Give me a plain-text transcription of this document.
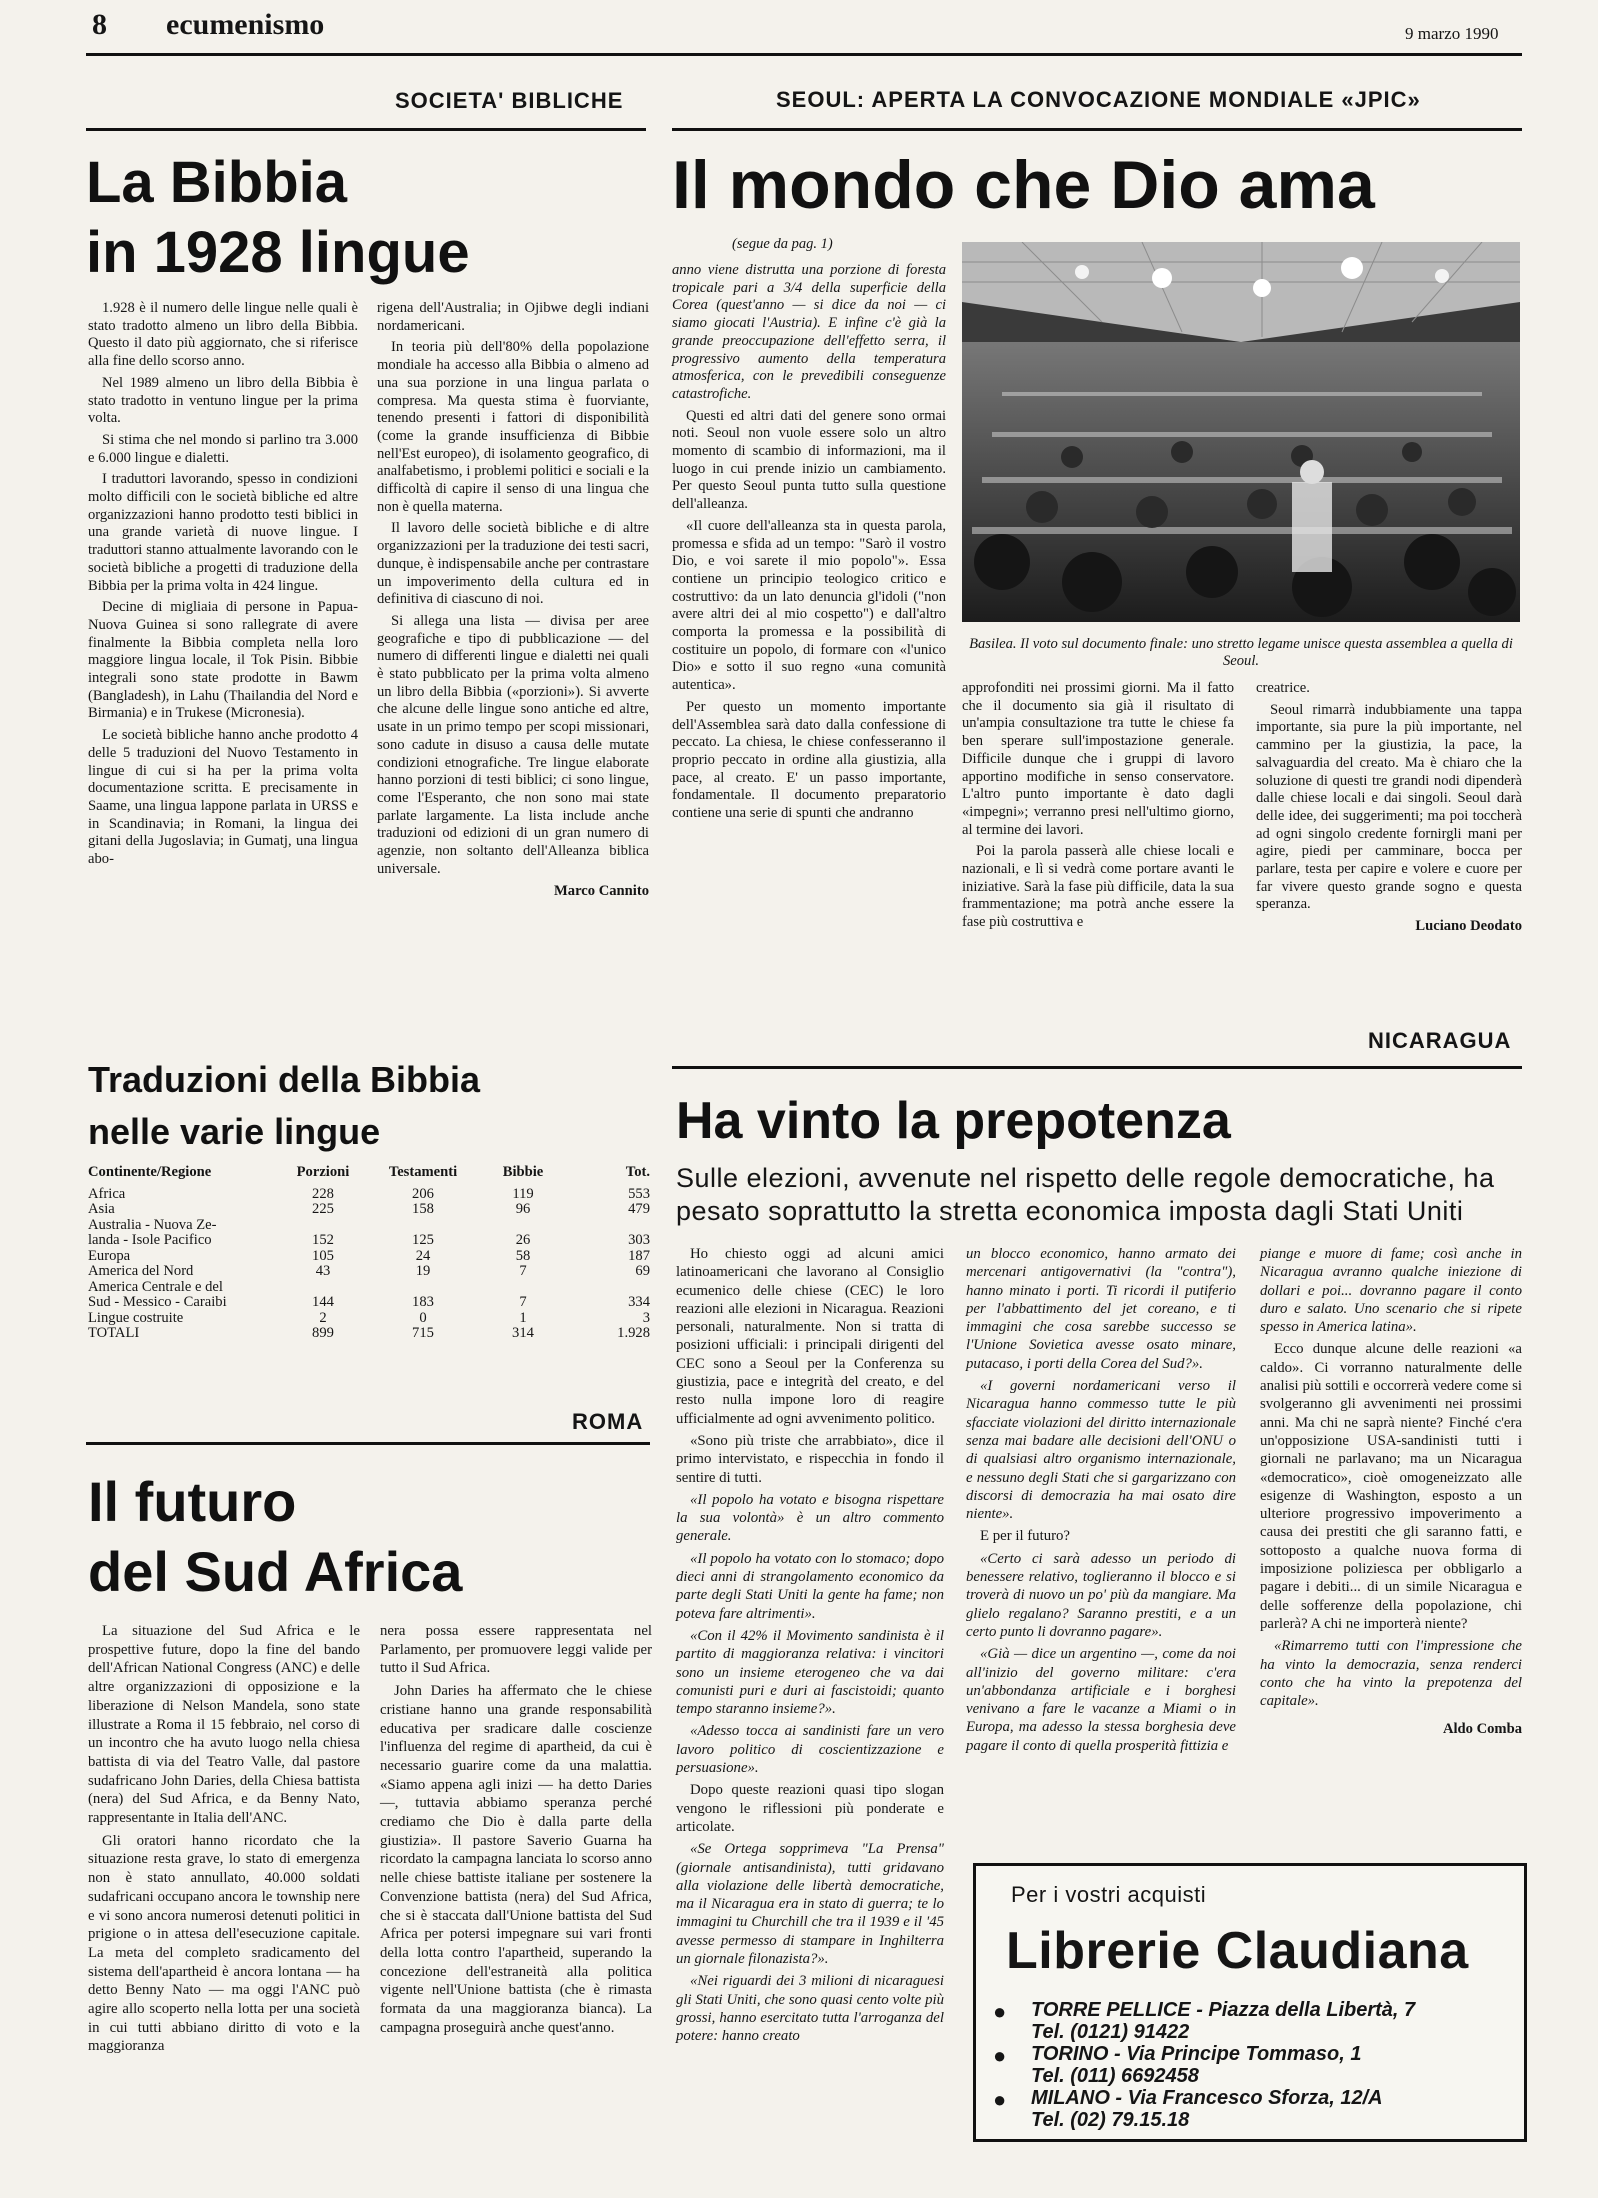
8 ecumenismo	9 marzo 1990
SOCIETA' BIBLICHE
La Bibbia
in 1928 lingue

1.928 è il numero delle lingue nelle quali è stato tradotto almeno un libro della Bibbia. Questo il dato più aggiornato, che si riferisce alla fine dello scorso anno.

Nel 1989 almeno un libro della Bibbia è stato tradotto in ventuno lingue per la prima volta.

Si stima che nel mondo si parlino tra 3.000 e 6.000 lingue e dialetti.

I traduttori lavorando, spesso in condizioni molto difficili con le società bibliche ed altre organizzazioni hanno prodotto testi biblici in una grande varietà di nuove lingue. I traduttori stanno attualmente lavorando con le società bibliche a progetti di traduzione della Bibbia per la prima volta in 424 lingue.

Decine di migliaia di persone in Papua-Nuova Guinea si sono rallegrate di avere finalmente la Bibbia completa nella loro maggiore lingua locale, il Tok Pisin. Bibbie integrali sono state prodotte in Bawm (Bangladesh), in Lahu (Thailandia del Nord e Birmania) e in Trukese (Micronesia).

Le società bibliche hanno anche prodotto 4 delle 5 traduzioni del Nuovo Testamento in lingue di cui si ha per la prima volta documentazione scritta. E precisamente in Saame, una lingua lappone parlata in URSS e in Scandinavia; in Romani, la lingua dei gitani della Jugoslavia; in Gumatj, una lingua abo-

rigena dell'Australia; in Ojibwe degli indiani nordamericani.

In teoria più dell'80% della popolazione mondiale ha accesso alla Bibbia o almeno ad una sua porzione in una lingua parlata o compresa. Ma questa stima è fuorviante, tenendo presenti i fattori di disponibilità (come la grande insufficienza di Bibbie nell'Est europeo), di isolamento geografico, di analfabetismo, i problemi politici e sociali e la difficoltà di capire il senso di una lingua che non è quella materna.

Il lavoro delle società bibliche e di altre organizzazioni per la traduzione dei testi sacri, dunque, è indispensabile anche per contrastare un impoverimento della cultura ed in definitiva di ciascuno di noi.

Si allega una lista — divisa per aree geografiche e tipo di pubblicazione — del numero di differenti lingue e dialetti nei quali è stato pubblicato per la prima volta almeno un libro della Bibbia («porzioni»). Si avverte che alcune delle lingue sono antiche ed altre, usate in un primo tempo per scopi missionari, sono cadute in disuso a causa delle mutate condizioni etnografiche. Tre lingue elaborate hanno porzioni di testi biblici; ci sono lingue, come l'Esperanto, che non sono mai state parlate largamente. La lista include anche traduzioni od edizioni di un gran numero di agenzie, non soltanto dell'Alleanza biblica universale.

Marco Cannito

Traduzioni della Bibbia
nelle varie lingue
Continente/Regione	Porzioni	Testamenti	Bibbie	Tot.
Africa	228	206	119	553
Asia	225	158	96	479
Australia - Nuova Ze-				
landa - Isole Pacifico	152	125	26	303
Europa	105	24	58	187
America del Nord	43	19	7	69
America Centrale e del				
Sud - Messico - Caraibi	144	183	7	334
Lingue costruite	2	0	1	3
TOTALI	899	715	314	1.928
ROMA
Il futuro
del Sud Africa

La situazione del Sud Africa e le prospettive future, dopo la fine del bando dell'African National Congress (ANC) e delle altre organizzazioni di opposizione e la liberazione di Nelson Mandela, sono state illustrate a Roma il 15 febbraio, nel corso di un incontro che ha avuto luogo nella chiesa battista di via del Teatro Valle, dal pastore sudafricano John Daries, della Chiesa battista (nera) del Sud Africa, e da Benny Nato, rappresentante in Italia dell'ANC.

Gli oratori hanno ricordato che la situazione resta grave, lo stato di emergenza non è stato annullato, 40.000 soldati sudafricani occupano ancora le township nere e vi sono ancora numerosi detenuti politici in prigione o in attesa dell'esecuzione capitale. La meta del completo sradicamento del sistema dell'apartheid è ancora lontana — ha detto Benny Nato — ma oggi l'ANC può agire allo scoperto nella lotta per una società in cui tutti abbiano diritto di voto e la maggioranza

nera possa essere rappresentata nel Parlamento, per promuovere leggi valide per tutto il Sud Africa.

John Daries ha affermato che le chiese cristiane hanno una grande responsabilità educativa per sradicare dalle coscienze l'influenza del regime di apartheid, da cui è necessario guarire come da una malattia. «Siamo appena agli inizi — ha detto Daries —, tuttavia abbiamo speranza perché crediamo che Dio è dalla parte della giustizia». Il pastore Saverio Guarna ha ricordato la campagna lanciata lo scorso anno nelle chiese battiste italiane per sostenere la Convenzione battista (nera) del Sud Africa, che si è staccata dall'Unione battista del Sud Africa per potersi impegnare sui vari fronti della lotta contro l'apartheid, superando la concezione dell'estraneità alla politica vigente nell'Unione battista (che è rimasta formata da una maggioranza bianca). La campagna proseguirà anche quest'anno.

SEOUL: APERTA LA CONVOCAZIONE MONDIALE «JPIC»
Il mondo che Dio ama
(segue da pag. 1)

anno viene distrutta una porzione di foresta tropicale pari a 3/4 della superficie della Corea (quest'anno — si dice da noi — ci siamo giocati l'Austria). E infine c'è già la grande preoccupazione dell'effetto serra, il progressivo aumento della temperatura atmosferica, con le prevedibili conseguenze catastrofiche.

Questi ed altri dati del genere sono ormai noti. Seoul non vuole essere solo un altro momento di scambio di informazioni, ma il luogo in cui prende inizio un cambiamento. Per questo Seoul punta tutto sulla questione dell'alleanza.

«Il cuore dell'alleanza sta in questa parola, promessa e sfida ad un tempo: "Sarò il vostro Dio, e voi sarete il mio popolo"». Essa contiene un principio teologico critico e costruttivo: da un lato denuncia gl'idoli ("non avere altri dei al mio cospetto") e dall'altro comporta la promessa e la possibilità di costituire un popolo, di formare con «l'unico Dio» e sotto il suo regno «una comunità autentica».

Per questo un momento importante dell'Assemblea sarà dato dalla confessione di peccato. La chiesa, le chiese confesseranno il proprio peccato in ordine alla giustizia, alla pace, al creato. E' un passo importante, fondamentale. Il documento preparatorio contiene una serie di spunti che andranno

Basilea. Il voto sul documento finale: uno stretto legame unisce questa assemblea a quella di Seoul.

approfonditi nei prossimi giorni. Ma il fatto che il documento sia già il risultato di un'ampia consultazione tra tutte le chiese fa ben sperare sull'impostazione generale. Difficile dunque che i gruppi di lavoro apportino modifiche in senso conservatore. L'altro punto importante è dato dagli «impegni»; verranno presi nell'ultimo giorno, al termine dei lavori.

Poi la parola passerà alle chiese locali e nazionali, e lì si vedrà come portare avanti le iniziative. Sarà la fase più difficile, data la sua frammentazione; ma potrà anche essere la fase più costruttiva e

creatrice.

Seoul rimarrà indubbiamente una tappa importante, sia pure la più importante, nel cammino per la giustizia, la pace, la salvaguardia del creato. Ma è chiaro che la soluzione di questi tre grandi nodi dipenderà dalle chiese locali e dai singoli. Seoul darà delle idee, dei suggerimenti; ma poi toccherà ad ogni singolo credente fornirgli mani per agire, piedi per camminare, bocca per parlare, testa per capire e volere e cuore per far vivere questo grande sogno e questa speranza.

Luciano Deodato

NICARAGUA
Ha vinto la prepotenza
Sulle elezioni, avvenute nel rispetto delle regole democratiche, ha pesato soprattutto la stretta economica imposta dagli Stati Uniti

Ho chiesto oggi ad alcuni amici latinoamericani che lavorano al Consiglio ecumenico delle chiese (CEC) le loro reazioni alle elezioni in Nicaragua. Reazioni personali, naturalmente. Non si tratta di posizioni ufficiali: i principali dirigenti del CEC sono a Seoul per la Conferenza su giustizia, pace e integrità del creato, e del resto nulla impone loro di reagire ufficialmente ad ogni avvenimento politico.

«Sono più triste che arrabbiato», dice il primo intervistato, e rispecchia in fondo il sentire di tutti.

«Il popolo ha votato e bisogna rispettare la sua volontà» è un altro commento generale.

«Il popolo ha votato con lo stomaco; dopo dieci anni di strangolamento economico da parte degli Stati Uniti la gente ha fame; non poteva fare altrimenti».

«Con il 42% il Movimento sandinista è il partito di maggioranza relativa: i vincitori sono un insieme eterogeneo che va dai comunisti puri e duri ai fascistoidi; quanto tempo staranno insieme?».

«Adesso tocca ai sandinisti fare un vero lavoro politico di coscientizzazione e persuasione».

Dopo queste reazioni quasi tipo slogan vengono le riflessioni più ponderate e articolate.

«Se Ortega sopprimeva "La Prensa" (giornale antisandinista), tutti gridavano alla violazione delle libertà democratiche, ma il Nicaragua era in stato di guerra; te lo immagini tu Churchill che tra il 1939 e il '45 avesse permesso di stampare in Inghilterra un giornale filonazista?».

«Nei riguardi dei 3 milioni di nicaraguesi gli Stati Uniti, che sono quasi cento volte più grossi, hanno esercitato tutta l'arroganza del potere: hanno creato

un blocco economico, hanno armato dei mercenari antigovernativi (la "contra"), hanno minato i porti. Ti ricordi il putiferio per l'abbattimento del jet coreano, e ti immagini che cosa sarebbe successo se l'Unione Sovietica avesse osato minare, putacaso, i porti della Corea del Sud?».

«I governi nordamericani verso il Nicaragua hanno commesso tutte le più sfacciate violazioni del diritto internazionale senza mai badare alle decisioni dell'ONU o di qualsiasi altro organismo internazionale, e nessuno degli Stati che si gargarizzano con discorsi di democrazia ha mai osato dire niente».

E per il futuro?

«Certo ci sarà adesso un periodo di benessere relativo, toglieranno il blocco e si troverà di nuovo un po' più da mangiare. Ma glielo regalano? Saranno prestiti, e a un certo punto li dovranno pagare».

«Già — dice un argentino —, come da noi all'inizio del governo militare: c'era un'abbondanza artificiale e i borghesi venivano a fare le vacanze a Miami o in Europa, ma adesso la stessa borghesia deve pagare il conto di quella prosperità fittizia e

piange e muore di fame; così anche in Nicaragua avranno qualche iniezione di dollari e poi... dovranno pagare il conto duro e salato. Uno scenario che si ripete spesso in America latina».

Ecco dunque alcune delle reazioni «a caldo». Ci vorranno naturalmente delle analisi più sottili e occorrerà vedere come si svolgeranno gli avvenimenti nei prossimi anni. Ma chi ne saprà niente? Finché c'era un'opposizione USA-sandinisti tutti i giornali ne parlavano; ma un Nicaragua «democratico», cioè omogeneizzato alle esigenze di Washington, esposto a un ulteriore progressivo impoverimento a causa dei prestiti che gli saranno fatti, e sottoposto a qualche nuova forma di imposizione poliziesca per obbligarlo a pagare i debiti... di un simile Nicaragua e delle sofferenze della popolazione, chi parlerà? A chi ne importerà niente?

«Rimarremo tutti con l'impressione che ha vinto la democrazia, senza renderci conto che ha vinto la prepotenza del capitale».

Aldo Comba

Per i vostri acquisti
Librerie Claudiana
● TORRE PELLICE - Piazza della Libertà, 7
Tel. (0121) 91422
● TORINO - Via Principe Tommaso, 1
Tel. (011) 6692458
● MILANO - Via Francesco Sforza, 12/A
Tel. (02) 79.15.18
